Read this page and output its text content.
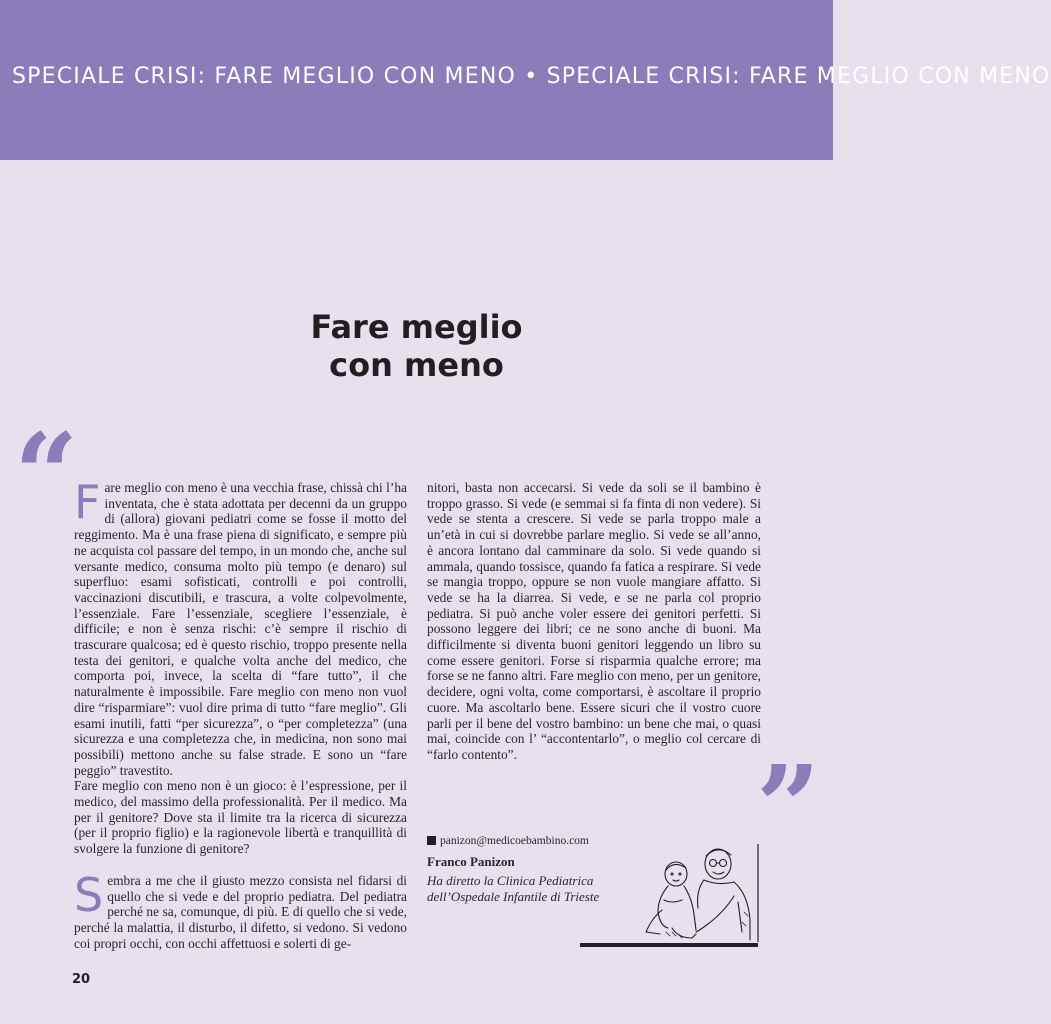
SPECIALE CRISI: FARE MEGLIO CON MENO • SPECIALE CRISI: FARE MEGLIO CON MENO
Fare meglio
con meno
“

Fare meglio con meno è una vecchia frase, chissà chi l’ha inventata, che è stata adottata per decenni da un gruppo di (allora) giovani pediatri come se fosse il motto del reggimento. Ma è una frase piena di significato, e sempre più ne acquista col passare del tempo, in un mondo che, anche sul versante medico, consuma molto più tempo (e denaro) sul superfluo: esami sofisticati, controlli e poi controlli, vaccinazioni discutibili, e trascura, a volte colpevolmente, l’essenziale. Fare l’essenziale, scegliere l’essenziale, è difficile; e non è senza rischi: c’è sempre il rischio di trascurare qualcosa; ed è questo rischio, troppo presente nella testa dei genitori, e qualche volta anche del medico, che comporta poi, invece, la scelta di “fare tutto”, il che naturalmente è impossibile. Fare meglio con meno non vuol dire “risparmiare”: vuol dire prima di tutto “fare meglio”. Gli esami inutili, fatti “per sicurezza”, o “per completezza” (una sicurezza e una completezza che, in medicina, non sono mai possibili) mettono anche su false strade. E sono un “fare peggio” travestito.

Fare meglio con meno non è un gioco: è l’espressione, per il medico, del massimo della professionalità. Per il medico. Ma per il genitore? Dove sta il limite tra la ricerca di sicurezza (per il proprio figlio) e la ragionevole libertà e tranquillità di svolgere la funzione di genitore?

Sembra a me che il giusto mezzo consista nel fidarsi di quello che si vede e del proprio pediatra. Del pediatra perché ne sa, comunque, di più. E di quello che si vede, perché la malattia, il disturbo, il difetto, si vedono. Si vedono coi propri occhi, con occhi affettuosi e solerti di ge-

nitori, basta non accecarsi. Si vede da soli se il bambino è troppo grasso. Si vede (e semmai si fa finta di non vedere). Si vede se stenta a crescere. Si vede se parla troppo male a un’età in cui si dovrebbe parlare meglio. Si vede se all’anno, è ancora lontano dal camminare da solo. Si vede quando si ammala, quando tossisce, quando fa fatica a respirare. Si vede se mangia troppo, oppure se non vuole mangiare affatto. Si vede se ha la diarrea. Si vede, e se ne parla col proprio pediatra. Si può anche voler essere dei genitori perfetti. Si possono leggere dei libri; ce ne sono anche di buoni. Ma difficilmente si diventa buoni genitori leggendo un libro su come essere genitori. Forse si risparmia qualche errore; ma forse se ne fanno altri. Fare meglio con meno, per un genitore, decidere, ogni volta, come comportarsi, è ascoltare il proprio cuore. Ma ascoltarlo bene. Essere sicuri che il vostro cuore parli per il bene del vostro bambino: un bene che mai, o quasi mai, coincide con l’ “accontentarlo”, o meglio col cercare di “farlo contento”.	”
panizon@medicoebambino.com
Franco Panizon
Ha diretto la Clinica Pediatrica
dell’Ospedale Infantile di Trieste
20
